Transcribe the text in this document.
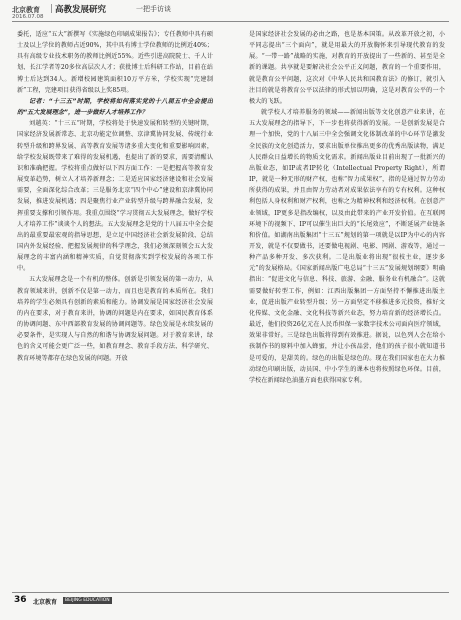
北京教育 高教发展研究	一把手访谈
2016.07.08

委托，适应“五大”新撰写《实施绿色印刷成果报告》；专任教师中具有硕士及以上学位的教师占近90%，其中具有博士学位教师的比例近40%；具有高级专业技术职务的教师比例近55%。近些引进高院院士、千人计划、长江学者等20多位高层次人才；获批博士后科研工作站，目前在站博士后达到34人。新增校园建筑面积10万平方米，学校实现“完建制新”工程，完建项目获得省级以上奖85项。

记者：“十三五”时期，学校将如何落实党的十八届五中全会提出的“五大发展理念”，进一步做好人才培养工作？

刘越英：“十三五”时期，学校将处于快速发展和转型的关键时期，国家经济发展新常态、北京功能定位调整、京津冀协同发展、传统行业转型升级和跨界发展、高等教育发展等诸多重大变化和重要影响因素，给学校发展既带来了难得的发展机遇，也提出了新的要求，需要清醒认识和准确把握。学校将重点做好以下四方面工作：一是把握高等教育发展变革趋势，树立人才培养新理念；二是适应国家经济建设和社会发展需要，全面深化综合改革；三是服务北京“四个中心”建设和京津冀协同发展，推进发展机遇；四是聚焦行业产业转型升级与跨界融合发展，发挥重要支撑和引领作用。我重点围绕“学习贯彻五大发展理念，做好学校人才培养工作”谈谈个人的想法。五大发展理念是党的十八届五中全会提出的最重要最宏观的指导思想，是立足中国经济社会新发展阶段、总结国内外发展经验、把握发展规律的科学理念，我们必须深刻领会五大发展理念的丰富内涵和精神实质，自觉贯彻落实到学校发展的各项工作中。

五大发展理念是一个有机的整体。创新是引领发展的第一动力，从教育领域来讲，创新不仅是第一动力，而且也是教育的本质所在。我们培养的学生必须具有创新的素质和能力。协调发展是国家经济社会发展的内在要求，对于教育来讲，协调的问题是内在要求，如国民教育体系的协调问题、东中西部教育发展的协调问题等。绿色发展是永续发展的必要条件，是实现人与自然的和谐与协调发展问题。对于教育来讲，绿色的含义可能会更广泛一些，如教育理念、教育手段方法、科学研究、教育环境等都存在绿色发展的问题。开放

是国家经济社会发展的必由之路，也是基本国策。从改革开放之初，小平同志提出“三个面向”，就是用最大的开放胸怀来引导现代教育的发展。“一带一路”战略的实施，对教育的开放提出了一些新的、甚至是全新的课题。共享就是要解决社会公平正义问题，教育的一个重要作用，就是教育公平问题，这次对《中华人民共和国教育法》的修订，就引入注目的就是将教育公平以法律的形式加以明确，这是对教育公平的一个极大的飞跃。

就学校人才培养服务的领域——新闻出版等文化创意产业来讲，在五大发展理念的指导下，下一步也将获得新的发展。一是创新发展是合理一个加快，党的十八届三中全会强调文化体制改革的中心环节是激发全民族的文化创造活力，要求出版单位推出更多的优秀出版读物，满足人民群众日益增长的物质文化需求。新闻出版业目前出现了一批新兴的出版业态，如IP或者IP转化（Intellectual Property Right），所谓IP，就是一种无形的财产权，也称“智力成果权”，指的是通过智力劳动所获得的成果，并且由智力劳动者对成果依法享有的专有权利。这种权利包括人身权利和财产权利，也称之为精神权利和经济权利。在创意产业领域，IP更多是指改编权，以及由此带来的产业开发价值。在互联网环境下的视频下、IP可以催生出巨大的“长尾效应”，不断延展产业链条和价值。如湖南出版集团“十三五”规划的第一项就是以IP为中心的内容开发，就是不仅要做书，还要做电视剧、电影、网剧、游戏等，通过一种产品多种开发、多次获利。二是出版业将出现“很枝主业，逐步多元”的发展格局。《国家新闻出版广电总局“十三五”发展规划纲要》明确指出：“促进文化与信息、科技、旅游、金融、服务业有机融合”。这就需要做好转型工作，例如：江西出版集团一方面坚持不懈推进出版主业，促进出版产业转型升级；另一方面坚定不移推进多元投资，推好文化传媒、文化金融、文化科技等新兴业态，努力培育新的经济增长点。最近，他们投资26亿元在人民币担保一家数字技术公司面向医疗领域，效果非常好。三是绿色出版将得到有效推进。据说，以色列人会在给小孩制作书的原料中加入蜂蜜，并让小孩品尝，他们的孩子很小就知道书是可爱的，是甜美的。绿色的出版是绿色的。现在我们国家也在大力推动绿色印刷出版，动员国、中小学生的课本也将按照绿色环保。目前，学校在新闻绿色油墨方面也获得国家专利。

36 北京教育	BEIJING EDUCATION
